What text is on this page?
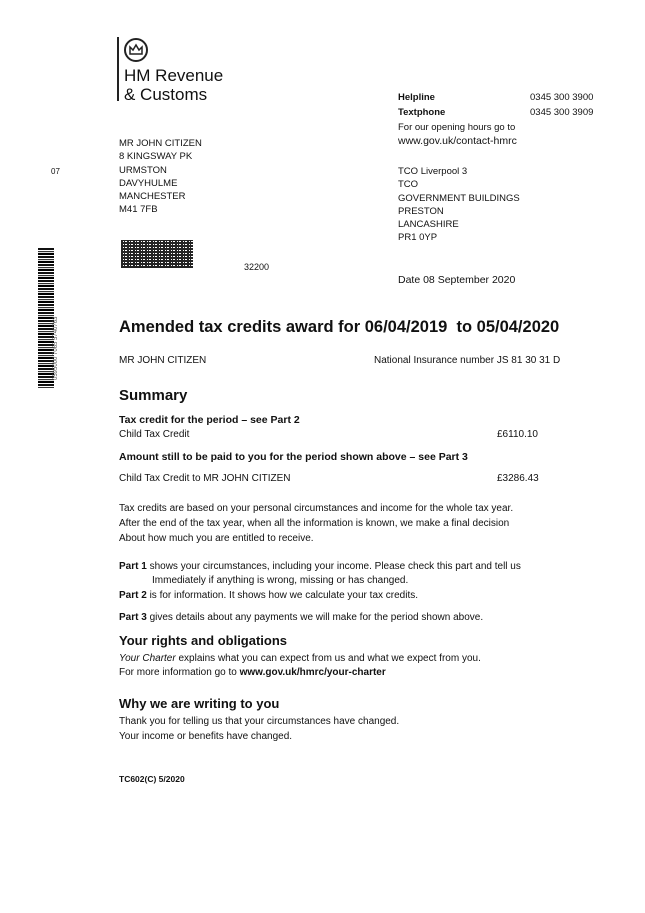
HM Revenue
& Customs
MR JOHN CITIZEN
8 KINGSWAY PK
URMSTON
DAVYHULME
MANCHESTER
M41 7FB
07
0595000 7065 5740763
32200
Helpline	0345 300 3900
Textphone	0345 300 3909
For our opening hours go to
www.gov.uk/contact-hmrc
TCO Liverpool 3
TCO
GOVERNMENT BUILDINGS
PRESTON
LANCASHIRE
PR1 0YP
Date 08 September 2020
Amended tax credits award for 06/04/2019  to 05/04/2020
MR JOHN CITIZEN	National Insurance number JS 81 30 31 D
Summary
Tax credit for the period – see Part 2
Child Tax Credit	£6110.10
Amount still to be paid to you for the period shown above – see Part 3
Child Tax Credit to MR JOHN CITIZEN	£3286.43
Tax credits are based on your personal circumstances and income for the whole tax year.
After the end of the tax year, when all the information is known, we make a final decision
About how much you are entitled to receive.
Part 1 shows your circumstances, including your income. Please check this part and tell us
Immediately if anything is wrong, missing or has changed.
Part 2 is for information. It shows how we calculate your tax credits.
Part 3 gives details about any payments we will make for the period shown above.
Your rights and obligations
Your Charter explains what you can expect from us and what we expect from you.
For more information go to www.gov.uk/hmrc/your-charter
Why we are writing to you
Thank you for telling us that your circumstances have changed.
Your income or benefits have changed.
TC602(C) 5/2020
